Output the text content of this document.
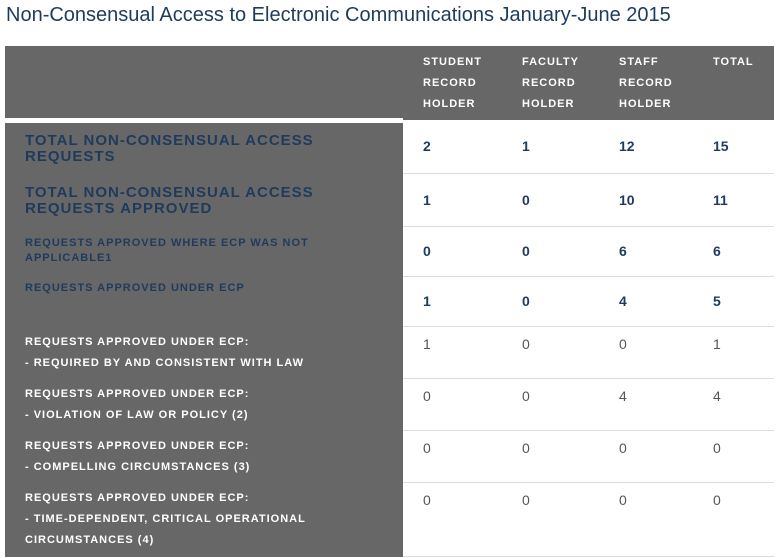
Non-Consensual Access to Electronic Communications January-June 2015

	STUDENT
RECORD
HOLDER	FACULTY
RECORD
HOLDER	STAFF
RECORD
HOLDER	TOTAL

TOTAL NON-CONSENSUAL ACCESS
REQUESTS	2	1	12	15

TOTAL NON-CONSENSUAL ACCESS
REQUESTS APPROVED	1	0	10	11

REQUESTS APPROVED WHERE ECP WAS NOT
APPLICABLE1	0	0	6	6

REQUESTS APPROVED UNDER ECP	1	0	4	5

REQUESTS APPROVED UNDER ECP:
- REQUIRED BY AND CONSISTENT WITH LAW	1	0	0	1

REQUESTS APPROVED UNDER ECP:
- VIOLATION OF LAW OR POLICY (2)	0	0	4	4

REQUESTS APPROVED UNDER ECP:
- COMPELLING CIRCUMSTANCES (3)	0	0	0	0

REQUESTS APPROVED UNDER ECP:
- TIME-DEPENDENT, CRITICAL OPERATIONAL
CIRCUMSTANCES (4)	0	0	0	0
